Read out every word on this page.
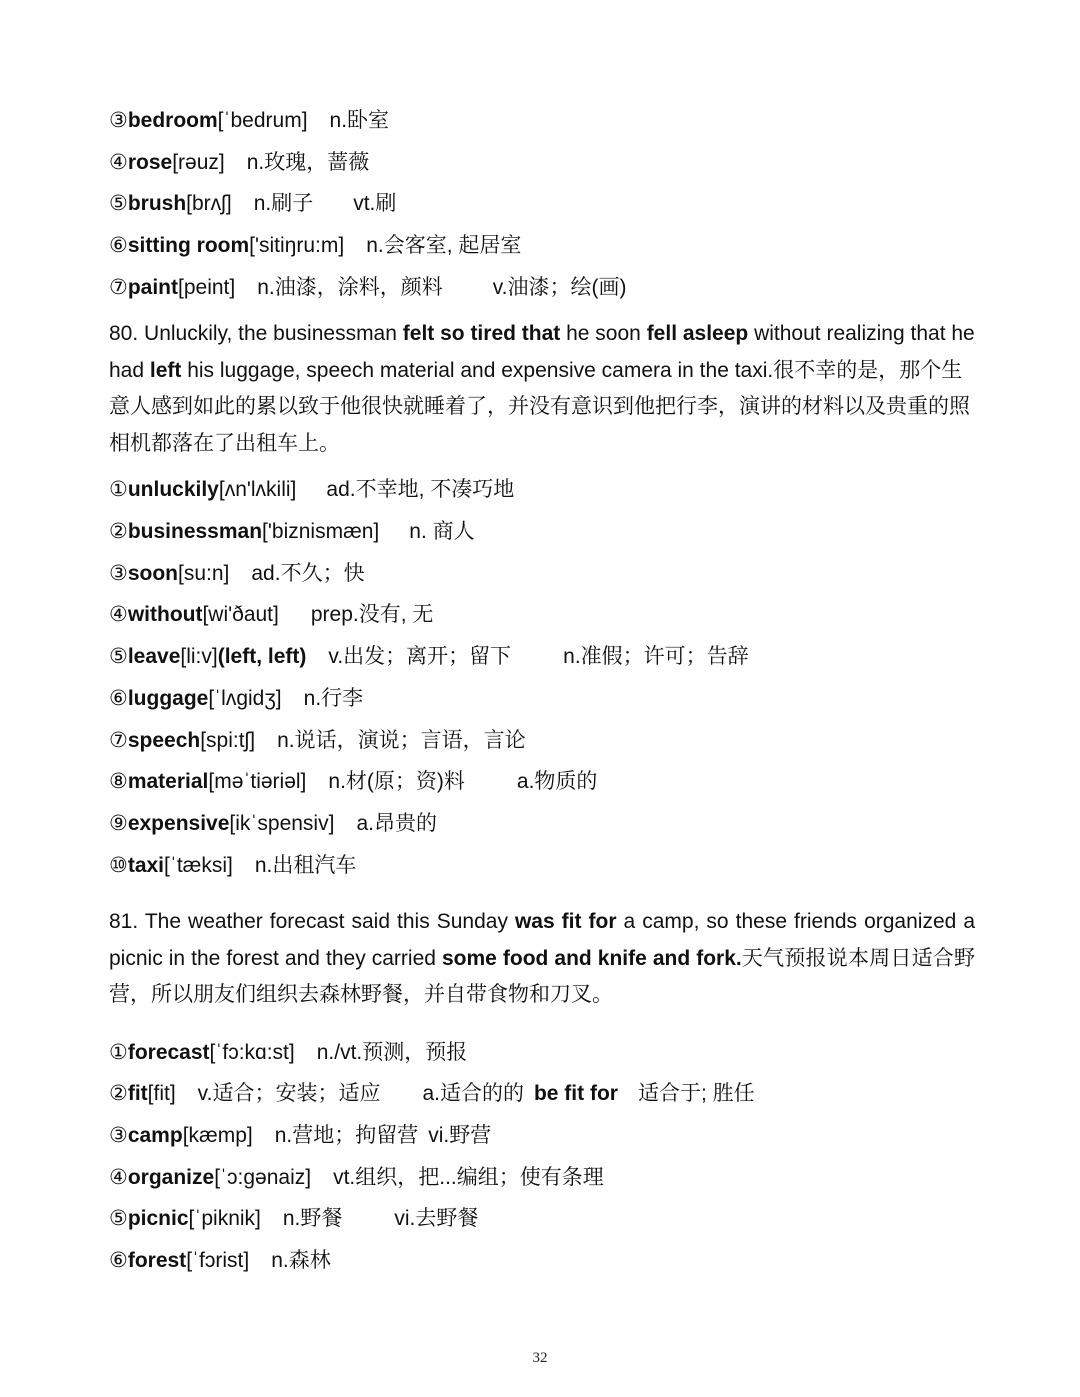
③bedroom[ˈbedrum] n.卧室
④rose[rəuz] n.玫瑰，蔷薇
⑤brush[brʌʃ] n.刷子 vt.刷
⑥sitting room['sitiŋru:m] n.会客室, 起居室
⑦paint[peint] n.油漆，涂料，颜料 v.油漆；绘(画)
80. Unluckily, the businessman felt so tired that he soon fell asleep without realizing that he had left his luggage, speech material and expensive camera in the taxi.很不幸的是，那个生意人感到如此的累以致于他很快就睡着了，并没有意识到他把行李，演讲的材料以及贵重的照相机都落在了出租车上。
①unluckily[ʌn'lʌkili] ad.不幸地, 不凑巧地
②businessman['biznismæn] n. 商人
③soon[su:n] ad.不久；快
④without[wi'ðaut] prep.没有, 无
⑤leave[li:v](left, left) v.出发；离开；留下 n.准假；许可；告辞
⑥luggage[ˈlʌgidʒ] n.行李
⑦speech[spi:tʃ] n.说话，演说；言语，言论
⑧material[məˈtiəriəl] n.材(原；资)料 a.物质的
⑨expensive[ikˈspensiv] a.昂贵的
⑩taxi[ˈtæksi] n.出租汽车
81. The weather forecast said this Sunday was fit for a camp, so these friends organized a picnic in the forest and they carried some food and knife and fork.天气预报说本周日适合野营，所以朋友们组织去森林野餐，并自带食物和刀叉。
①forecast[ˈfɔ:kɑ:st] n./vt.预测，预报
②fit[fit] v.适合；安装；适应 a.适合的的 be fit for 适合于; 胜任
③camp[kæmp] n.营地；拘留营 vi.野营
④organize[ˈɔ:gənaiz] vt.组织，把...编组；使有条理
⑤picnic[ˈpiknik] n.野餐 vi.去野餐
⑥forest[ˈfɔrist] n.森林
32
